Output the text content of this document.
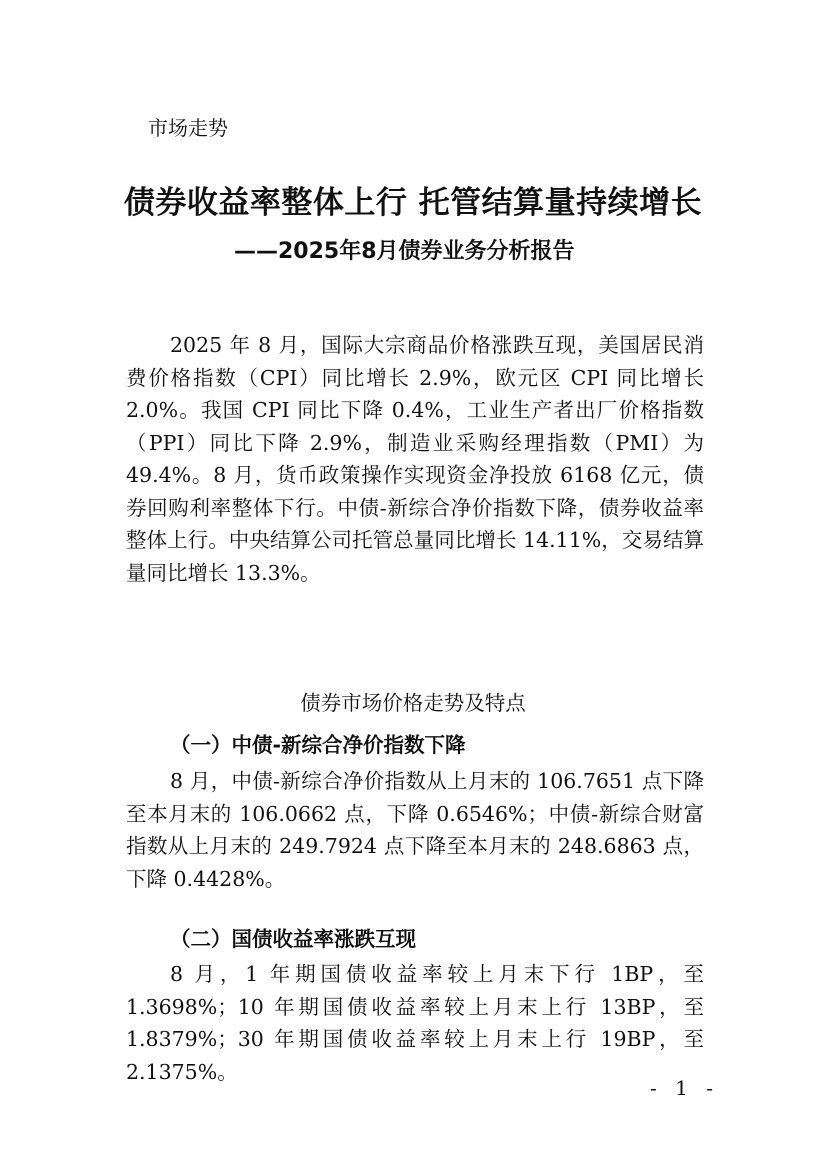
市场走势
债券收益率整体上行 托管结算量持续增长
——2025年8月债券业务分析报告

2025 年 8 月，国际大宗商品价格涨跌互现，美国居民消费价格指数（CPI）同比增长 2.9%，欧元区 CPI 同比增长 2.0%。我国 CPI 同比下降 0.4%，工业生产者出厂价格指数（PPI）同比下降 2.9%，制造业采购经理指数（PMI）为 49.4%。8 月，货币政策操作实现资金净投放 6168 亿元，债券回购利率整体下行。中债-新综合净价指数下降，债券收益率整体上行。中央结算公司托管总量同比增长 14.11%，交易结算量同比增长 13.3%。

债券市场价格走势及特点
（一）中债-新综合净价指数下降

8 月，中债-新综合净价指数从上月末的 106.7651 点下降至本月末的 106.0662 点，下降 0.6546%；中债-新综合财富指数从上月末的 249.7924 点下降至本月末的 248.6863 点，下降 0.4428%。

（二）国债收益率涨跌互现

8 月，1 年期国债收益率较上月末下行 1BP，至 1.3698%；10 年期国债收益率较上月末上行 13BP，至 1.8379%；30 年期国债收益率较上月末上行 19BP，至 2.1375%。

- 1 -
